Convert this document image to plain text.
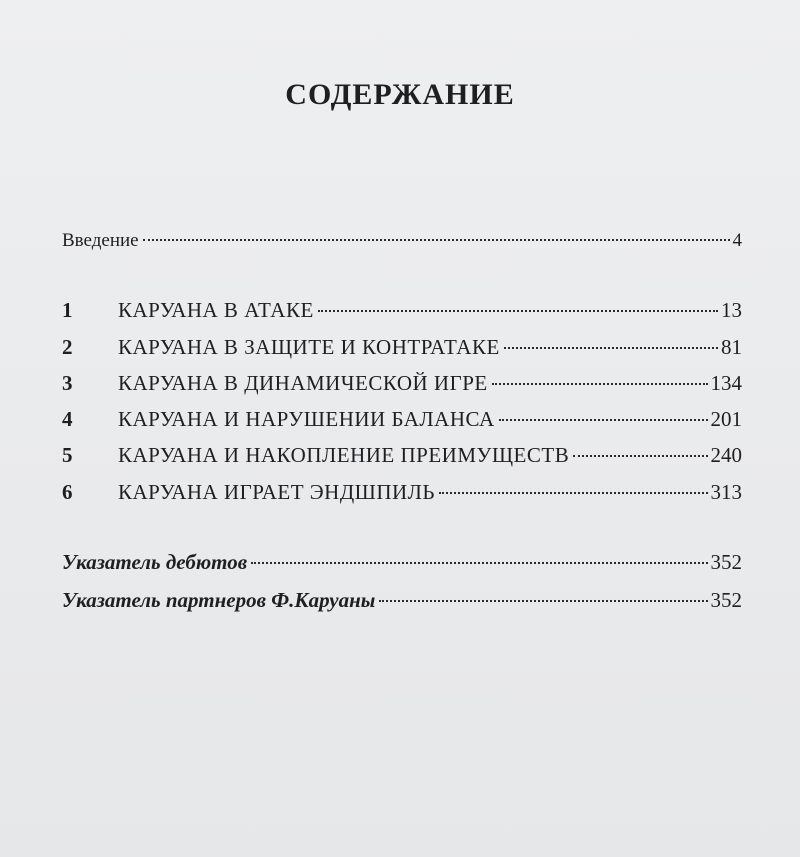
СОДЕРЖАНИЕ
Введение	4
1	КАРУАНА В АТАКЕ	13
2	КАРУАНА В ЗАЩИТЕ И КОНТРАТАКЕ	81
3	КАРУАНА В ДИНАМИЧЕСКОЙ ИГРЕ	134
4	КАРУАНА И НАРУШЕНИИ БАЛАНСА	201
5	КАРУАНА И НАКОПЛЕНИЕ ПРЕИМУЩЕСТВ	240
6	КАРУАНА ИГРАЕТ ЭНДШПИЛЬ	313
Указатель дебютов	352
Указатель партнеров Ф.Каруаны	352
